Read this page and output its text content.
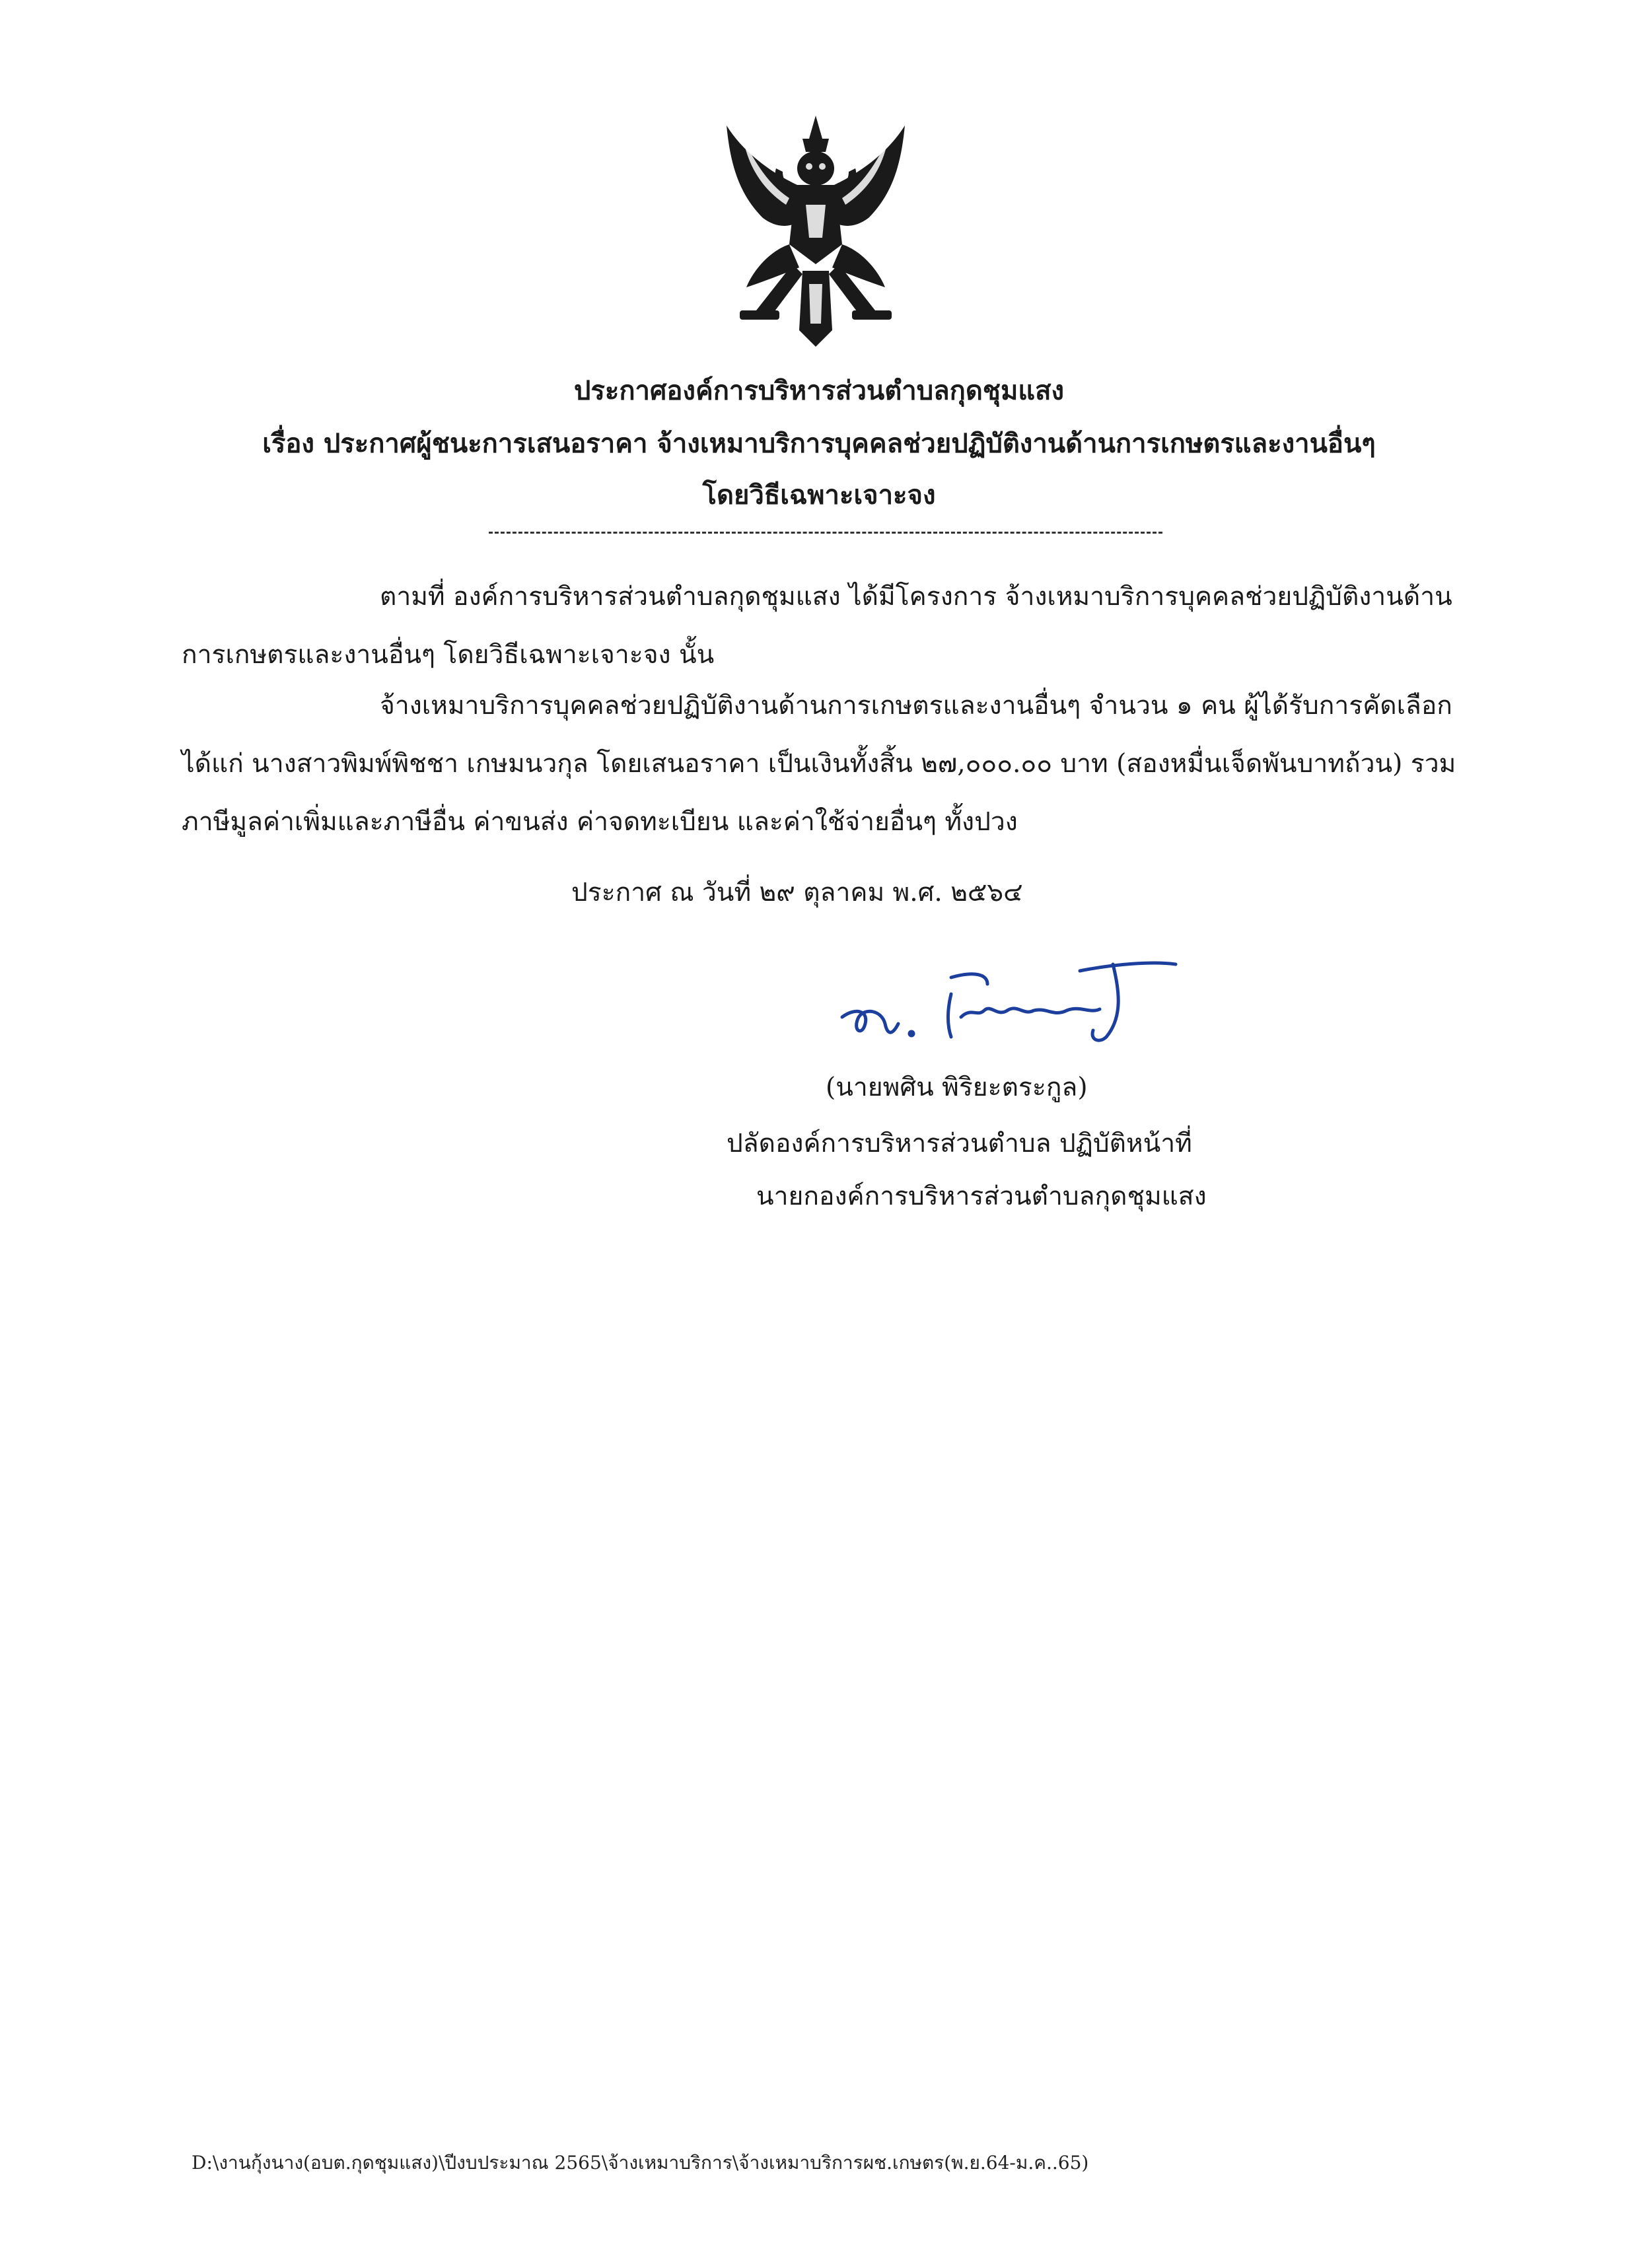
ประกาศองค์การบริหารส่วนตำบลกุดชุมแสง
เรื่อง ประกาศผู้ชนะการเสนอราคา จ้างเหมาบริการบุคคลช่วยปฏิบัติงานด้านการเกษตรและงานอื่นๆ
โดยวิธีเฉพาะเจาะจง
ตามที่ องค์การบริหารส่วนตำบลกุดชุมแสง ได้มีโครงการ จ้างเหมาบริการบุคคลช่วยปฏิบัติงานด้านการเกษตรและงานอื่นๆ โดยวิธีเฉพาะเจาะจง นั้น
จ้างเหมาบริการบุคคลช่วยปฏิบัติงานด้านการเกษตรและงานอื่นๆ จำนวน ๑ คน ผู้ได้รับการคัดเลือก ได้แก่ นางสาวพิมพ์พิชชา เกษมนวกุล โดยเสนอราคา เป็นเงินทั้งสิ้น ๒๗,๐๐๐.๐๐ บาท (สองหมื่นเจ็ดพันบาทถ้วน) รวมภาษีมูลค่าเพิ่มและภาษีอื่น ค่าขนส่ง ค่าจดทะเบียน และค่าใช้จ่ายอื่นๆ ทั้งปวง
ประกาศ ณ วันที่ ๒๙ ตุลาคม พ.ศ. ๒๕๖๔
(นายพศิน พิริยะตระกูล)
ปลัดองค์การบริหารส่วนตำบล ปฏิบัติหน้าที่
นายกองค์การบริหารส่วนตำบลกุดชุมแสง
D:\งานกุ้งนาง(อบต.กุดชุมแสง)\ปีงบประมาณ 2565\จ้างเหมาบริการ\จ้างเหมาบริการผช.เกษตร(พ.ย.64-ม.ค..65)
